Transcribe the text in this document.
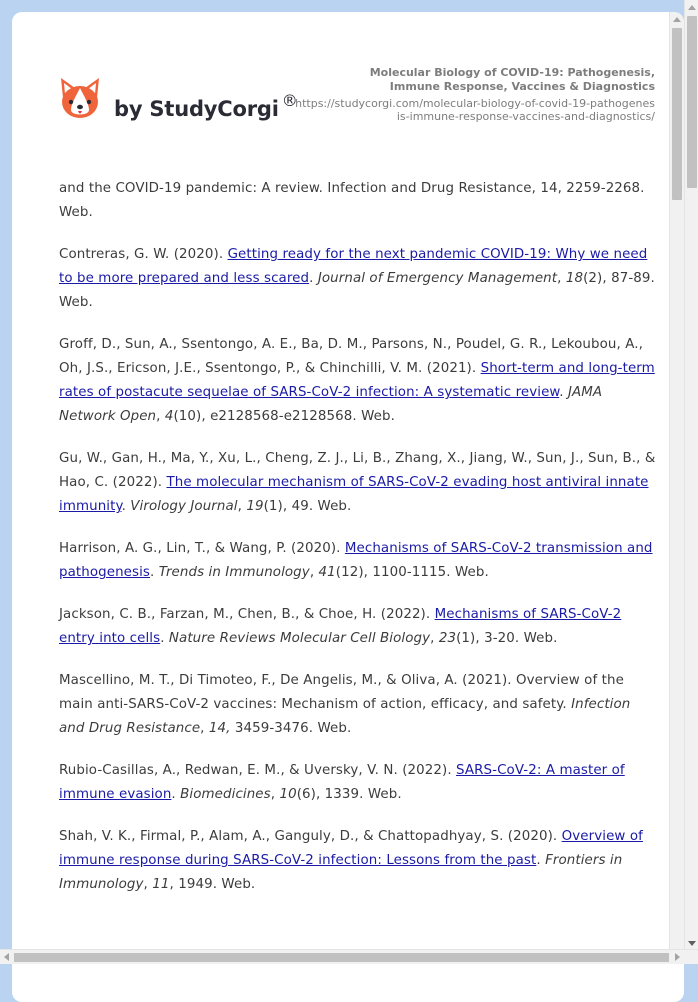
by StudyCorgi ®
Molecular Biology of COVID-19: Pathogenesis, Immune Response, Vaccines & Diagnostics
https://studycorgi.com/molecular-biology-of-covid-19-pathogenesis-immune-response-vaccines-and-diagnostics/

and the COVID-19 pandemic: A review. Infection and Drug Resistance, 14, 2259-2268. Web.

Contreras, G. W. (2020). Getting ready for the next pandemic COVID-19: Why we need to be more prepared and less scared. Journal of Emergency Management, 18(2), 87-89. Web.

Groff, D., Sun, A., Ssentongo, A. E., Ba, D. M., Parsons, N., Poudel, G. R., Lekoubou, A., Oh, J.S., Ericson, J.E., Ssentongo, P., & Chinchilli, V. M. (2021). Short-term and long-term rates of postacute sequelae of SARS-CoV-2 infection: A systematic review. JAMA Network Open, 4(10), e2128568-e2128568. Web.

Gu, W., Gan, H., Ma, Y., Xu, L., Cheng, Z. J., Li, B., Zhang, X., Jiang, W., Sun, J., Sun, B., & Hao, C. (2022). The molecular mechanism of SARS-CoV-2 evading host antiviral innate immunity. Virology Journal, 19(1), 49. Web.

Harrison, A. G., Lin, T., & Wang, P. (2020). Mechanisms of SARS-CoV-2 transmission and pathogenesis. Trends in Immunology, 41(12), 1100-1115. Web.

Jackson, C. B., Farzan, M., Chen, B., & Choe, H. (2022). Mechanisms of SARS-CoV-2 entry into cells. Nature Reviews Molecular Cell Biology, 23(1), 3-20. Web.

Mascellino, M. T., Di Timoteo, F., De Angelis, M., & Oliva, A. (2021). Overview of the main anti-SARS-CoV-2 vaccines: Mechanism of action, efficacy, and safety. Infection and Drug Resistance, 14, 3459-3476. Web.

Rubio-Casillas, A., Redwan, E. M., & Uversky, V. N. (2022). SARS-CoV-2: A master of immune evasion. Biomedicines, 10(6), 1339. Web.

Shah, V. K., Firmal, P., Alam, A., Ganguly, D., & Chattopadhyay, S. (2020). Overview of immune response during SARS-CoV-2 infection: Lessons from the past. Frontiers in Immunology, 11, 1949. Web.
